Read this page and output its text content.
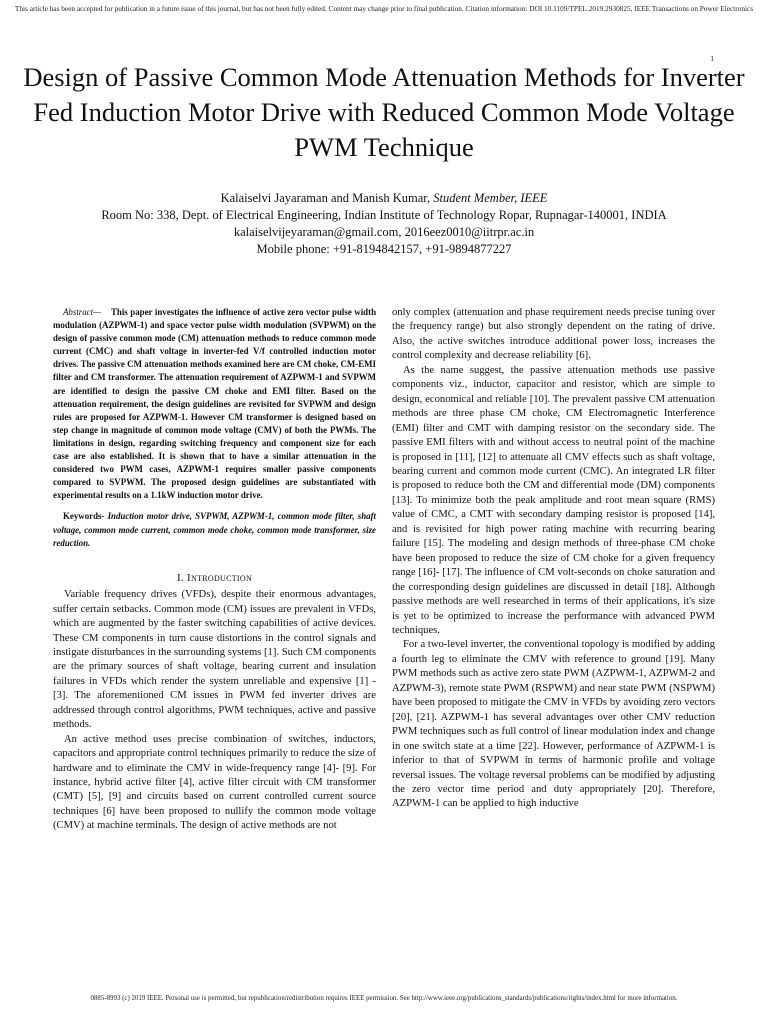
This article has been accepted for publication in a future issue of this journal, but has not been fully edited. Content may change prior to final publication. Citation information: DOI 10.1109/TPEL.2019.2930825, IEEE Transactions on Power Electronics
1
Design of Passive Common Mode Attenuation Methods for Inverter Fed Induction Motor Drive with Reduced Common Mode Voltage PWM Technique
Kalaiselvi Jayaraman and Manish Kumar, Student Member, IEEE
Room No: 338, Dept. of Electrical Engineering, Indian Institute of Technology Ropar, Rupnagar-140001, INDIA
kalaiselvijeyaraman@gmail.com, 2016eez0010@iitrpr.ac.in
Mobile phone: +91-8194842157, +91-9894877227

Abstract— This paper investigates the influence of active zero vector pulse width modulation (AZPWM-1) and space vector pulse width modulation (SVPWM) on the design of passive common mode (CM) attenuation methods to reduce common mode current (CMC) and shaft voltage in inverter-fed V/f controlled induction motor drives. The passive CM attenuation methods examined here are CM choke, CM-EMI filter and CM transformer. The attenuation requirement of AZPWM-1 and SVPWM are identified to design the passive CM choke and EMI filter. Based on the attenuation requirement, the design guidelines are revisited for SVPWM and design rules are proposed for AZPWM-1. However CM transformer is designed based on step change in magnitude of common mode voltage (CMV) of both the PWMs. The limitations in design, regarding switching frequency and component size for each case are also established. It is shown that to have a similar attenuation in the considered two PWM cases, AZPWM-1 requires smaller passive components compared to SVPWM. The proposed design guidelines are substantiated with experimental results on a 1.1kW induction motor drive.

Keywords- Induction motor drive, SVPWM, AZPWM-1, common mode filter, shaft voltage, common mode current, common mode choke, common mode transformer, size reduction.

I. Introduction

Variable frequency drives (VFDs), despite their enormous advantages, suffer certain setbacks. Common mode (CM) issues are prevalent in VFDs, which are augmented by the faster switching capabilities of active devices. These CM components in turn cause distortions in the control signals and instigate disturbances in the surrounding systems [1]. Such CM components are the primary sources of shaft voltage, bearing current and insulation failures in VFDs which render the system unreliable and expensive [1] - [3]. The aforementioned CM issues in PWM fed inverter drives are addressed through control algorithms, PWM techniques, active and passive methods.

An active method uses precise combination of switches, inductors, capacitors and appropriate control techniques primarily to reduce the size of hardware and to eliminate the CMV in wide-frequency range [4]- [9]. For instance, hybrid active filter [4], active filter circuit with CM transformer (CMT) [5], [9] and circuits based on current controlled current source techniques [6] have been proposed to nullify the common mode voltage (CMV) at machine terminals. The design of active methods are not

only complex (attenuation and phase requirement needs precise tuning over the frequency range) but also strongly dependent on the rating of drive. Also, the active switches introduce additional power loss, increases the control complexity and decrease reliability [6].

As the name suggest, the passive attenuation methods use passive components viz., inductor, capacitor and resistor, which are simple to design, economical and reliable [10]. The prevalent passive CM attenuation methods are three phase CM choke, CM Electromagnetic Interference (EMI) filter and CMT with damping resistor on the secondary side. The passive EMI filters with and without access to neutral point of the machine is proposed in [11], [12] to attenuate all CMV effects such as shaft voltage, bearing current and common mode current (CMC). An integrated LR filter is proposed to reduce both the CM and differential mode (DM) components [13]. To minimize both the peak amplitude and root mean square (RMS) value of CMC, a CMT with secondary damping resistor is proposed [14], and is revisited for high power rating machine with recurring bearing failure [15]. The modeling and design methods of three-phase CM choke have been proposed to reduce the size of CM choke for a given frequency range [16]- [17]. The influence of CM volt-seconds on choke saturation and the corresponding design guidelines are discussed in detail [18]. Although passive methods are well researched in terms of their applications, it's size is yet to be optimized to increase the performance with advanced PWM techniques.

For a two-level inverter, the conventional topology is modified by adding a fourth leg to eliminate the CMV with reference to ground [19]. Many PWM methods such as active zero state PWM (AZPWM-1, AZPWM-2 and AZPWM-3), remote state PWM (RSPWM) and near state PWM (NSPWM) have been proposed to mitigate the CMV in VFDs by avoiding zero vectors [20], [21]. AZPWM-1 has several advantages over other CMV reduction PWM techniques such as full control of linear modulation index and change in one switch state at a time [22]. However, performance of AZPWM-1 is inferior to that of SVPWM in terms of harmonic profile and voltage reversal issues. The voltage reversal problems can be modified by adjusting the zero vector time period and duty appropriately [20]. Therefore, AZPWM-1 can be applied to high inductive

0885-8993 (c) 2019 IEEE. Personal use is permitted, but republication/redistribution requires IEEE permission. See http://www.ieee.org/publications_standards/publications/rights/index.html for more information.
